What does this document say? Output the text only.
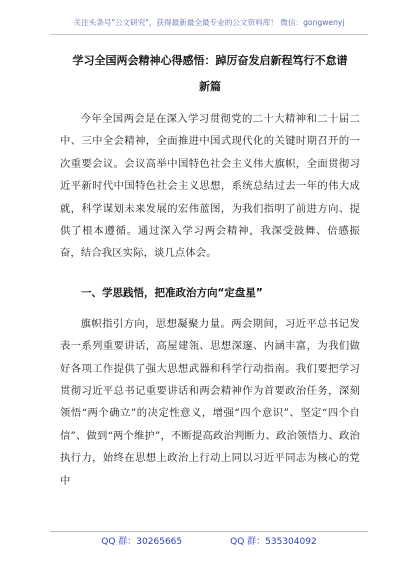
关注头条号"公文研究"，获得最新最全最专业的公文资料库！ 微信：gongwenyj

学习全国两会精神心得感悟：踔厉奋发启新程笃行不怠谱

新篇

今年全国两会是在深入学习贯彻党的二十大精神和二十届二中、三中全会精神，全面推进中国式现代化的关键时期召开的一次重要会议。会议高举中国特色社会主义伟大旗帜，全面贯彻习近平新时代中国特色社会主义思想，系统总结过去一年的伟大成就，科学谋划未来发展的宏伟蓝图，为我们指明了前进方向、提供了根本遵循。通过深入学习两会精神，我深受鼓舞、倍感振奋，结合我区实际，谈几点体会。

一、学思践悟，把准政治方向“定盘星”

旗帜指引方向，思想凝聚力量。两会期间，习近平总书记发表一系列重要讲话，高屋建瓴、思想深邃、内涵丰富，为我们做好各项工作提供了强大思想武器和科学行动指南。我们要把学习贯彻习近平总书记重要讲话和两会精神作为首要政治任务，深刻领悟“两个确立”的决定性意义，增强“四个意识”、坚定“四个自信”、做到“两个维护”，不断提高政治判断力、政治领悟力、政治执行力，始终在思想上政治上行动上同以习近平同志为核心的党中

QQ 群：30265665	QQ 群：535304092
